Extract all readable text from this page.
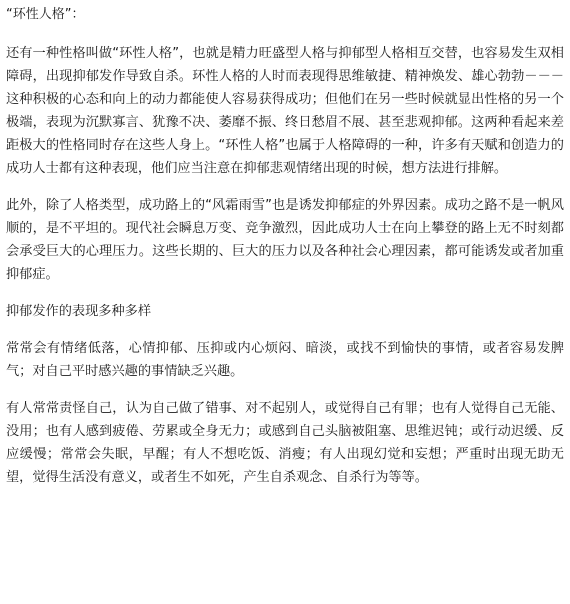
“环性人格”：

还有一种性格叫做“环性人格”，也就是精力旺盛型人格与抑郁型人格相互交替，也容易发生双相障碍，出现抑郁发作导致自杀。环性人格的人时而表现得思维敏捷、精神焕发、雄心勃勃－－－这种积极的心态和向上的动力都能使人容易获得成功；但他们在另一些时候就显出性格的另一个极端，表现为沉默寡言、犹豫不决、萎靡不振、终日愁眉不展、甚至悲观抑郁。这两种看起来差距极大的性格同时存在这些人身上。“环性人格”也属于人格障碍的一种，许多有天赋和创造力的成功人士都有这种表现，他们应当注意在抑郁悲观情绪出现的时候，想方法进行排解。

此外，除了人格类型，成功路上的“风霜雨雪”也是诱发抑郁症的外界因素。成功之路不是一帆风顺的，是不平坦的。现代社会瞬息万变、竞争激烈，因此成功人士在向上攀登的路上无不时刻都会承受巨大的心理压力。这些长期的、巨大的压力以及各种社会心理因素，都可能诱发或者加重抑郁症。

抑郁发作的表现多种多样

常常会有情绪低落，心情抑郁、压抑或内心烦闷、暗淡，或找不到愉快的事情，或者容易发脾气；对自己平时感兴趣的事情缺乏兴趣。

有人常常责怪自己，认为自己做了错事、对不起别人，或觉得自己有罪；也有人觉得自己无能、没用；也有人感到疲倦、劳累或全身无力；或感到自己头脑被阻塞、思维迟钝；或行动迟缓、反应缓慢；常常会失眠，早醒；有人不想吃饭、消瘦；有人出现幻觉和妄想；严重时出现无助无望，觉得生活没有意义，或者生不如死，产生自杀观念、自杀行为等等。
